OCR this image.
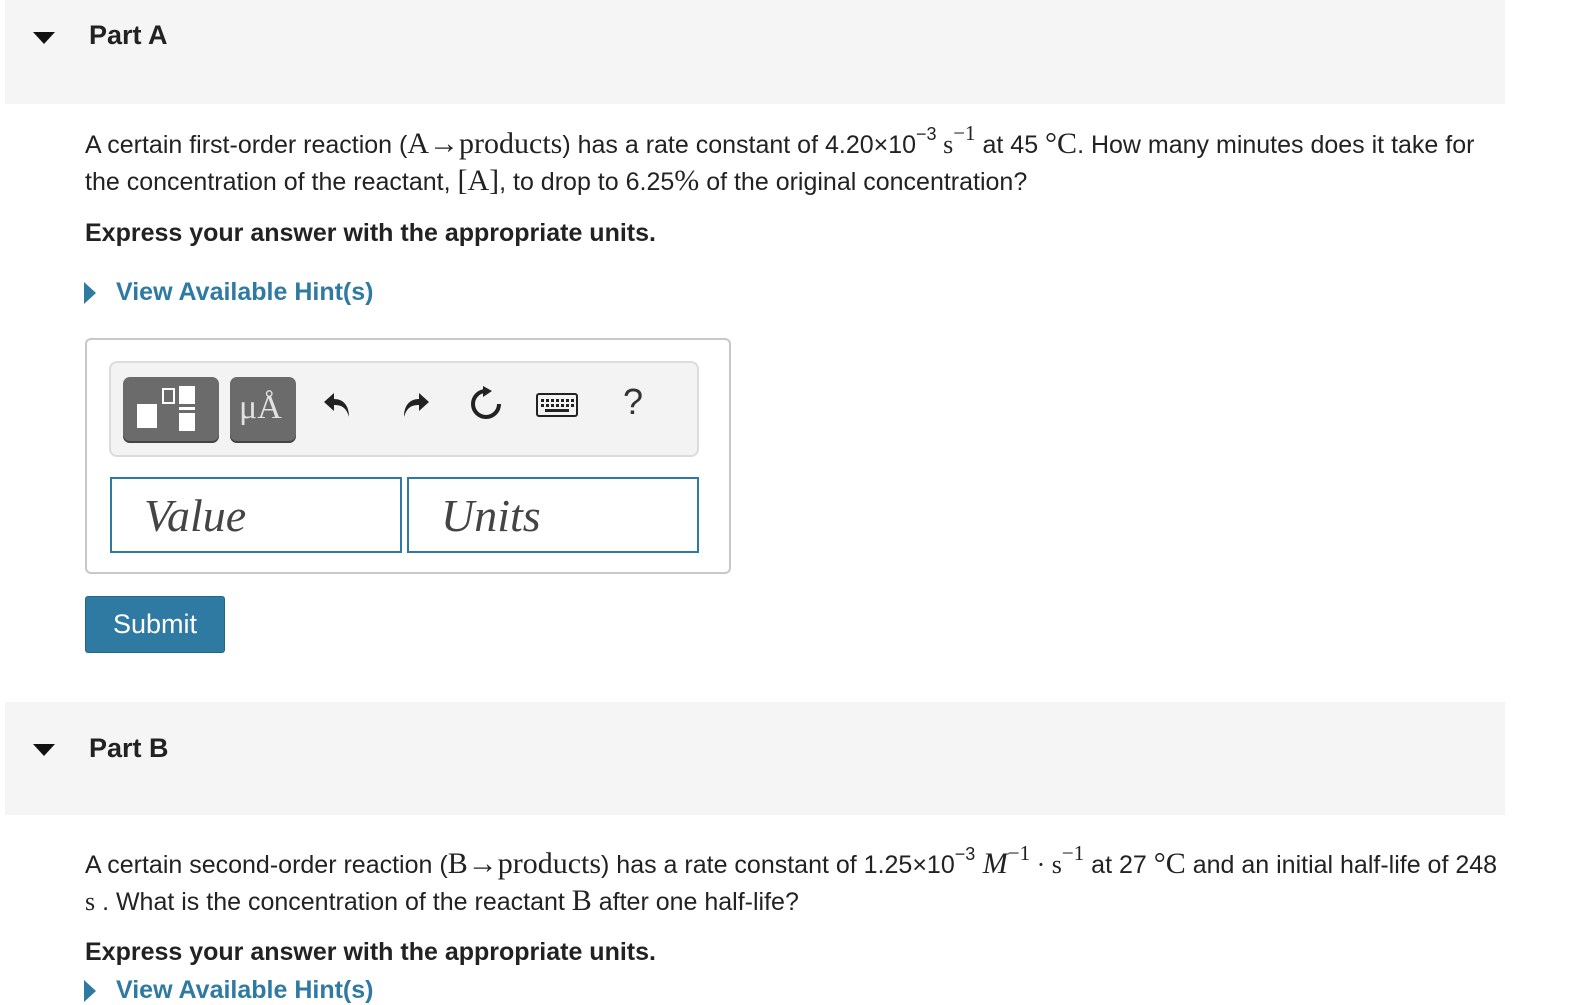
Part A
A certain first-order reaction (A→products) has a rate constant of $4.20\times 10^{-3}$ $s^{-1}$ at 45 °C. How many minutes does it take for the concentration of the reactant, [A], to drop to 6.25% of the original concentration?
Express your answer with the appropriate units.
View Available Hint(s)
μÅ	?
Value
Units
Submit
Part B
A certain second-order reaction (B→products) has a rate constant of $1.25\times 10^{-3}$ $M^{-1} \cdot s^{-1}$ at 27 °C and an initial half-life of 248 s . What is the concentration of the reactant B after one half-life?
Express your answer with the appropriate units.
View Available Hint(s)
